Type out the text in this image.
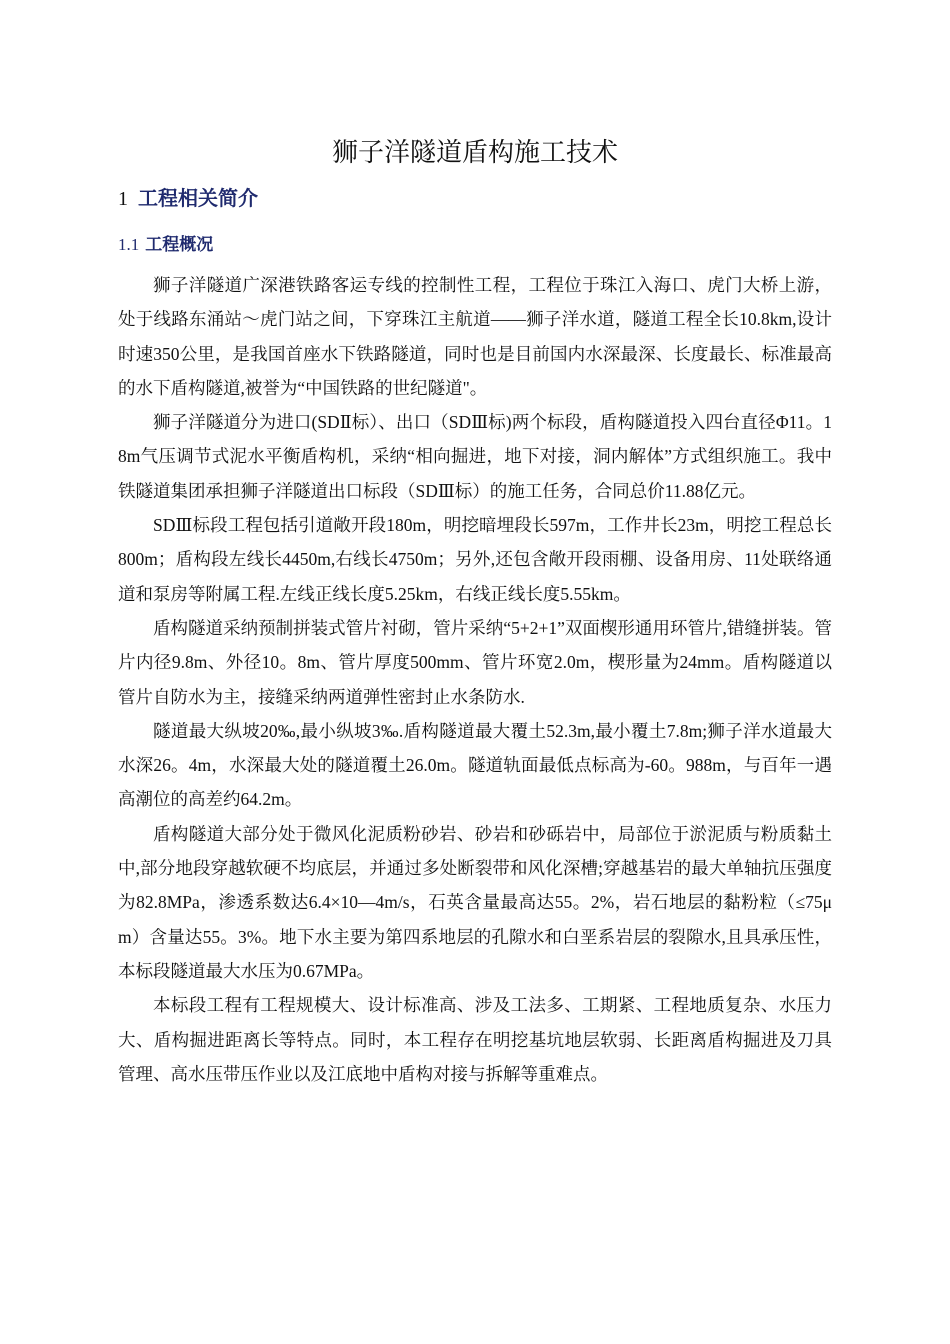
狮子洋隧道盾构施工技术
1 工程相关简介
1.1 工程概况

狮子洋隧道广深港铁路客运专线的控制性工程，工程位于珠江入海口、虎门大桥上游，处于线路东涌站～虎门站之间，下穿珠江主航道——狮子洋水道，隧道工程全长10.8km,设计时速350公里，是我国首座水下铁路隧道，同时也是目前国内水深最深、长度最长、标准最高的水下盾构隧道,被誉为“中国铁路的世纪隧道"。

狮子洋隧道分为进口(SDⅡ标）、出口（SDⅢ标)两个标段，盾构隧道投入四台直径Φ11。18m气压调节式泥水平衡盾构机，采纳“相向掘进，地下对接，洞内解体”方式组织施工。我中铁隧道集团承担狮子洋隧道出口标段（SDⅢ标）的施工任务，合同总价11.88亿元。

SDⅢ标段工程包括引道敞开段180m，明挖暗埋段长597m，工作井长23m，明挖工程总长800m；盾构段左线长4450m,右线长4750m；另外,还包含敞开段雨棚、设备用房、11处联络通道和泵房等附属工程.左线正线长度5.25km，右线正线长度5.55km。

盾构隧道采纳预制拼装式管片衬砌，管片采纳“5+2+1”双面楔形通用环管片,错缝拼装。管片内径9.8m、外径10。8m、管片厚度500mm、管片环宽2.0m，楔形量为24mm。盾构隧道以管片自防水为主，接缝采纳两道弹性密封止水条防水.

隧道最大纵坡20‰,最小纵坡3‰.盾构隧道最大覆土52.3m,最小覆土7.8m;狮子洋水道最大水深26。4m，水深最大处的隧道覆土26.0m。隧道轨面最低点标高为-60。988m，与百年一遇高潮位的高差约64.2m。

盾构隧道大部分处于微风化泥质粉砂岩、砂岩和砂砾岩中，局部位于淤泥质与粉质黏土中,部分地段穿越软硬不均底层，并通过多处断裂带和风化深槽;穿越基岩的最大单轴抗压强度为82.8MPa，渗透系数达6.4×10—4m/s，石英含量最高达55。2%，岩石地层的黏粉粒（≤75μm）含量达55。3%。地下水主要为第四系地层的孔隙水和白垩系岩层的裂隙水,且具承压性，本标段隧道最大水压为0.67MPa。

本标段工程有工程规模大、设计标准高、涉及工法多、工期紧、工程地质复杂、水压力大、盾构掘进距离长等特点。同时，本工程存在明挖基坑地层软弱、长距离盾构掘进及刀具管理、高水压带压作业以及江底地中盾构对接与拆解等重难点。
